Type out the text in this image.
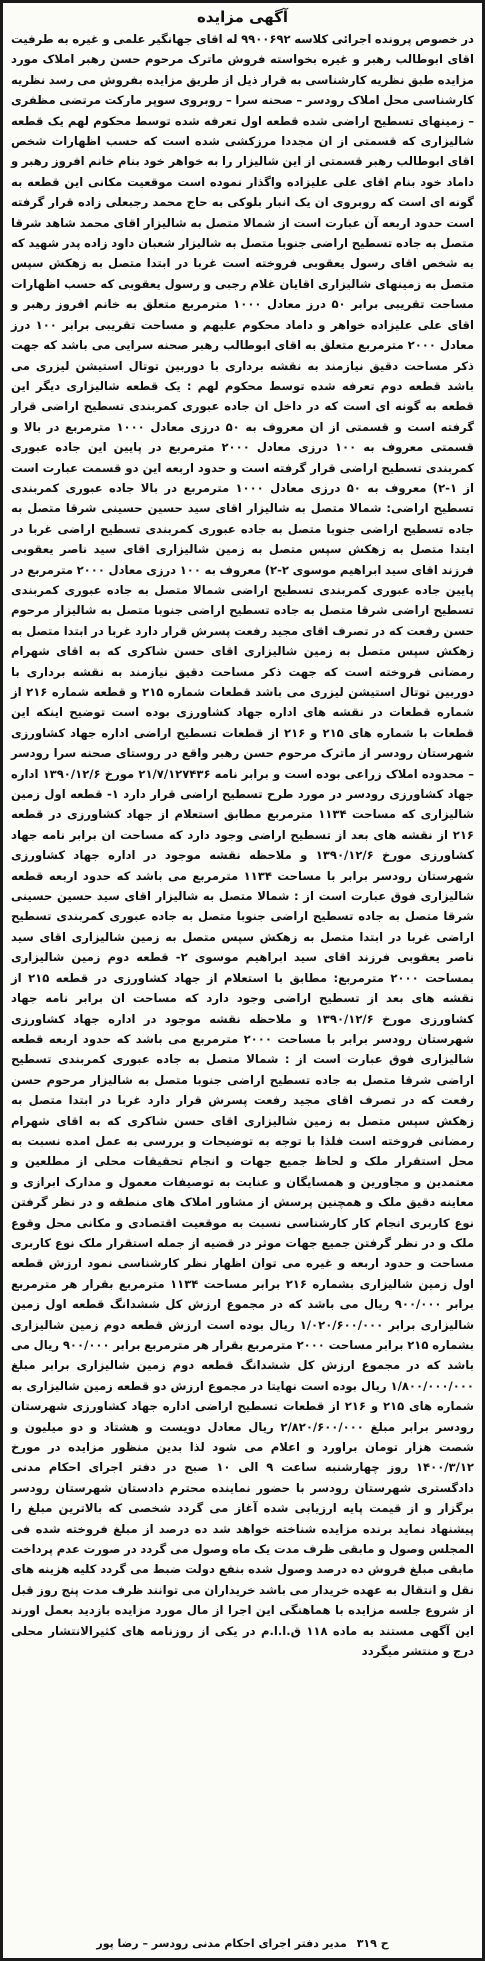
آگهی مزایده

در خصوص پرونده اجرائی کلاسه ۹۹۰۰۶۹۲ له اقای جهانگیر علمی و غیره به طرفیت اقای ابوطالب رهبر و غیره بخواسته فروش ماترک مرحوم حسن رهبر املاک مورد مزایده طبق نظریه کارشناسی به قرار ذیل از طریق مزایده بفروش می رسد نظریه کارشناسی محل املاک رودسر – صحنه سرا – روبروی سوپر مارکت مرتضی مظفری – زمینهای تسطیح اراضی شده قطعه اول تعرفه شده توسط محکوم لهم یک قطعه شالیزاری که قسمتی از ان مجددا مرزکشی شده است که حسب اظهارات شخص اقای ابوطالب رهبر قسمتی از این شالیزار را به خواهر خود بنام خانم افروز رهبر و داماد خود بنام اقای علی علیزاده واگذار نموده است موقعیت مکانی این قطعه به گونه ای است که روبروی ان یک انبار بلوکی به حاج محمد رجبعلی زاده قرار گرفته است حدود اربعه آن عبارت است از شمالا متصل به شالیزار اقای محمد شاهد شرقا متصل به جاده تسطیح اراضی جنوبا متصل به شالیزار شعبان داود زاده پدر شهید که به شخص اقای رسول یعقوبی فروخته است غربا در ابتدا متصل به زهکش سپس متصل به زمینهای شالیزاری اقایان غلام رجبی و رسول یعقوبی که حسب اظهارات مساحت تقریبی برابر ۵۰ درز معادل ۱۰۰۰ مترمربع متعلق به خانم افروز رهبر و اقای علی علیزاده خواهر و داماد محکوم علیهم و مساحت تقریبی برابر ۱۰۰ درز معادل ۲۰۰۰ مترمربع متعلق به اقای ابوطالب رهبر صحنه سرایی می باشد که جهت ذکر مساحت دقیق نیازمند به نقشه برداری با دوربین توتال استیشن لیزری می باشد قطعه دوم تعرفه شده توسط محکوم لهم : یک قطعه شالیزاری دیگر این قطعه به گونه ای است که در داخل ان جاده عبوری کمربندی تسطیح اراضی قرار گرفته است و قسمتی از ان معروف به ۵۰ درزی معادل ۱۰۰۰ مترمربع در بالا و قسمتی معروف به ۱۰۰ درزی معادل ۲۰۰۰ مترمربع در پایین این جاده عبوری کمربندی تسطیح اراضی قرار گرفته است و حدود اربعه این دو قسمت عبارت است از ۱-۲) معروف به ۵۰ درزی معادل ۱۰۰۰ مترمربع در بالا جاده عبوری کمربندی تسطیح اراضی: شمالا متصل به شالیزار اقای سید حسین حسینی شرقا متصل به جاده تسطیح اراضی جنوبا متصل به جاده عبوری کمربندی تسطیح اراضی غربا در ابتدا متصل به زهکش سپس متصل به زمین شالیزاری اقای سید ناصر یعقوبی فرزند اقای سید ابراهیم موسوی ۲-۲) معروف به ۱۰۰ درزی معادل ۲۰۰۰ مترمربع در پایین جاده عبوری کمربندی تسطیح اراضی شمالا متصل به جاده عبوری کمربندی تسطیح اراضی شرقا متصل به جاده تسطیح اراضی جنوبا متصل به شالیزار مرحوم حسن رفعت که در تصرف اقای مجید رفعت پسرش قرار دارد غربا در ابتدا متصل به زهکش سپس متصل به زمین شالیزاری اقای حسن شاکری که به اقای شهرام رمضانی فروخته است که جهت ذکر مساحت دقیق نیازمند به نقشه برداری با دوربین توتال استیشن لیزری می باشد قطعات شماره ۲۱۵ و قطعه شماره ۲۱۶ از شماره قطعات در نقشه های اداره جهاد کشاورزی بوده است توضیح اینکه این قطعات با شماره های ۲۱۵ و ۲۱۶ از قطعات تسطیح اراضی اداره جهاد کشاورزی شهرستان رودسر از ماترک مرحوم حسن رهبر واقع در روستای صحنه سرا رودسر – محدوده املاک زراعی بوده است و برابر نامه ۲۱/۷/۱۲۷۴۳۶ مورخ ۱۳۹۰/۱۲/۶ اداره جهاد کشاورزی رودسر در مورد طرح تسطیح اراضی قرار دارد ۱- قطعه اول زمین شالیزاری که مساحت ۱۱۳۴ مترمربع مطابق استعلام از جهاد کشاورزی در قطعه ۲۱۶ از نقشه های بعد از تسطیح اراضی وجود دارد که مساحت ان برابر نامه جهاد کشاورزی مورخ ۱۳۹۰/۱۲/۶ و ملاحظه نقشه موجود در اداره جهاد کشاورزی شهرستان رودسر برابر با مساحت ۱۱۳۴ مترمربع می باشد که حدود اربعه قطعه شالیزاری فوق عبارت است از : شمالا متصل به شالیزار اقای سید حسین حسینی شرقا متصل به جاده تسطیح اراضی جنوبا متصل به جاده عبوری کمربندی تسطیح اراضی غربا در ابتدا متصل به زهکش سپس متصل به زمین شالیزاری اقای سید ناصر یعقوبی فرزند اقای سید ابراهیم موسوی ۲- قطعه دوم زمین شالیزاری بمساحت ۲۰۰۰ مترمربع: مطابق با استعلام از جهاد کشاورزی در قطعه ۲۱۵ از نقشه های بعد از تسطیح اراضی وجود دارد که مساحت ان برابر نامه جهاد کشاورزی مورخ ۱۳۹۰/۱۲/۶ و ملاحظه نقشه موجود در اداره جهاد کشاورزی شهرستان رودسر برابر با مساحت ۲۰۰۰ مترمربع می باشد که حدود اربعه قطعه شالیزاری فوق عبارت است از : شمالا متصل به جاده عبوری کمربندی تسطیح اراضی شرقا متصل به جاده تسطیح اراضی جنوبا متصل به شالیزار مرحوم حسن رفعت که در تصرف اقای مجید رفعت پسرش قرار دارد غربا در ابتدا متصل به زهکش سپس متصل به زمین شالیزاری اقای حسن شاکری که به اقای شهرام رمضانی فروخته است فلذا با توجه به توضیحات و بررسی به عمل امده نسبت به محل استقرار ملک و لحاظ جمیع جهات و انجام تحقیقات محلی از مطلعین و معتمدین و مجاورین و همسایگان و عنایت به توصیفات معمول و مدارک ابرازی و معاینه دقیق ملک و همچنین پرسش از مشاور املاک های منطقه و در نظر گرفتن نوع کاربری انجام کار کارشناسی نسبت به موقعیت اقتصادی و مکانی محل وقوع ملک و در نظر گرفتن جمیع جهات موثر در قضیه از جمله استقرار ملک نوع کاربری مساحت و حدود اربعه و غیره می توان اظهار نظر کارشناسی نمود ارزش قطعه اول زمین شالیزاری بشماره ۲۱۶ برابر مساحت ۱۱۳۴ مترمربع بقرار هر مترمربع برابر ۹۰۰/۰۰۰ ریال می باشد که در مجموع ارزش کل ششدانگ قطعه اول زمین شالیزاری برابر ۱/۰۲۰/۶۰۰/۰۰۰ ریال بوده است ارزش قطعه دوم زمین شالیزاری بشماره ۲۱۵ برابر مساحت ۲۰۰۰ مترمربع بقرار هر مترمربع برابر ۹۰۰/۰۰۰ ریال می باشد که در مجموع ارزش کل ششدانگ قطعه دوم زمین شالیزاری برابر مبلغ ۱/۸۰۰/۰۰۰/۰۰۰ ریال بوده است نهایتا در مجموع ارزش دو قطعه زمین شالیزاری به شماره های ۲۱۵ و ۲۱۶ از قطعات تسطیح اراضی اداره جهاد کشاورزی شهرستان رودسر برابر مبلغ ۲/۸۲۰/۶۰۰/۰۰۰ ریال معادل دویست و هشتاد و دو میلیون و شصت هزار تومان براورد و اعلام می شود لذا بدین منظور مزایده در مورخ ۱۴۰۰/۳/۱۲ روز چهارشنبه ساعت ۹ الی ۱۰ صبح در دفتر اجرای احکام مدنی دادگستری شهرستان رودسر با حضور نماینده محترم دادستان شهرستان رودسر برگزار و از قیمت پایه ارزیابی شده آغاز می گردد شخصی که بالاترین مبلغ را پیشنهاد نماید برنده مزایده شناخته خواهد شد ده درصد از مبلغ فروخته شده فی المجلس وصول و مابقی ظرف مدت یک ماه وصول می گردد در صورت عدم پرداخت مابقی مبلغ فروش ده درصد وصول شده بنفع دولت ضبط می گردد کلیه هزینه های نقل و انتقال به عهده خریدار می باشد خریداران می توانند ظرف مدت پنج روز قبل از شروع جلسه مزایده با هماهنگی این اجرا از مال مورد مزایده بازدید بعمل اورند این آگهی مستند به ماده ۱۱۸ ق.ا.ا.م در یکی از روزنامه های کثیرالانتشار محلی درج و منتشر میگردد

ح ۳۱۹ مدیر دفتر اجرای احکام مدنی رودسر – رضا پور
